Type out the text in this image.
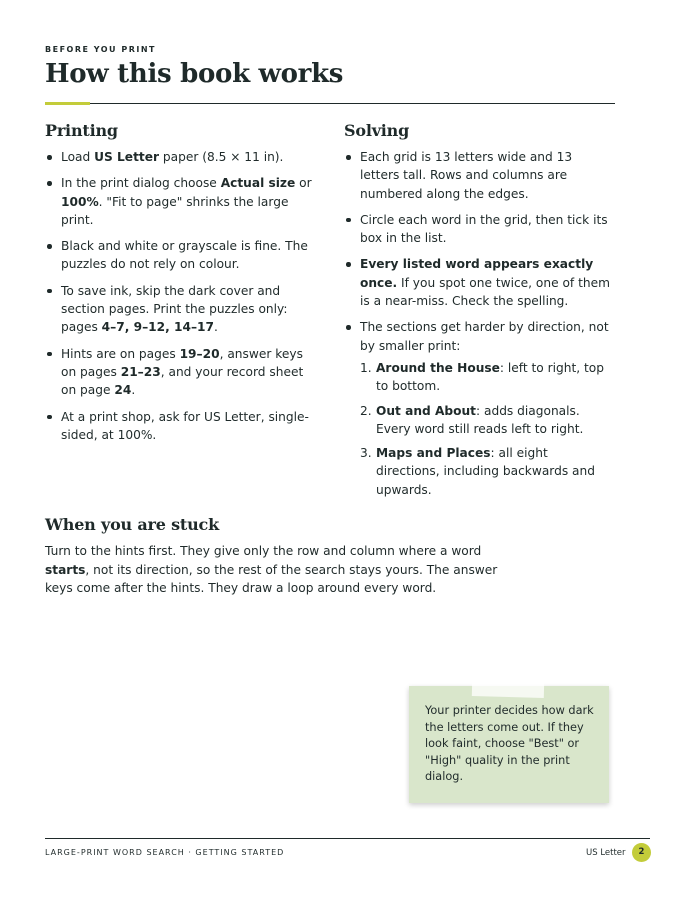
BEFORE YOU PRINT
How this book works
Printing
Load US Letter paper (8.5 × 11 in).
In the print dialog choose Actual size or 100%. "Fit to page" shrinks the large print.
Black and white or grayscale is fine. The puzzles do not rely on colour.
To save ink, skip the dark cover and section pages. Print the puzzles only: pages 4–7, 9–12, 14–17.
Hints are on pages 19–20, answer keys on pages 21–23, and your record sheet on page 24.
At a print shop, ask for US Letter, single-sided, at 100%.
Solving
Each grid is 13 letters wide and 13 letters tall. Rows and columns are numbered along the edges.
Circle each word in the grid, then tick its box in the list.
Every listed word appears exactly once. If you spot one twice, one of them is a near-miss. Check the spelling.
The sections get harder by direction, not by smaller print:
1. Around the House: left to right, top to bottom.
2. Out and About: adds diagonals. Every word still reads left to right.
3. Maps and Places: all eight directions, including backwards and upwards.
When you are stuck

Turn to the hints first. They give only the row and column where a word starts, not its direction, so the rest of the search stays yours. The answer keys come after the hints. They draw a loop around every word.

Your printer decides how dark the letters come out. If they look faint, choose "Best" or "High" quality in the print dialog.

LARGE-PRINT WORD SEARCH · GETTING STARTED	US Letter	2
